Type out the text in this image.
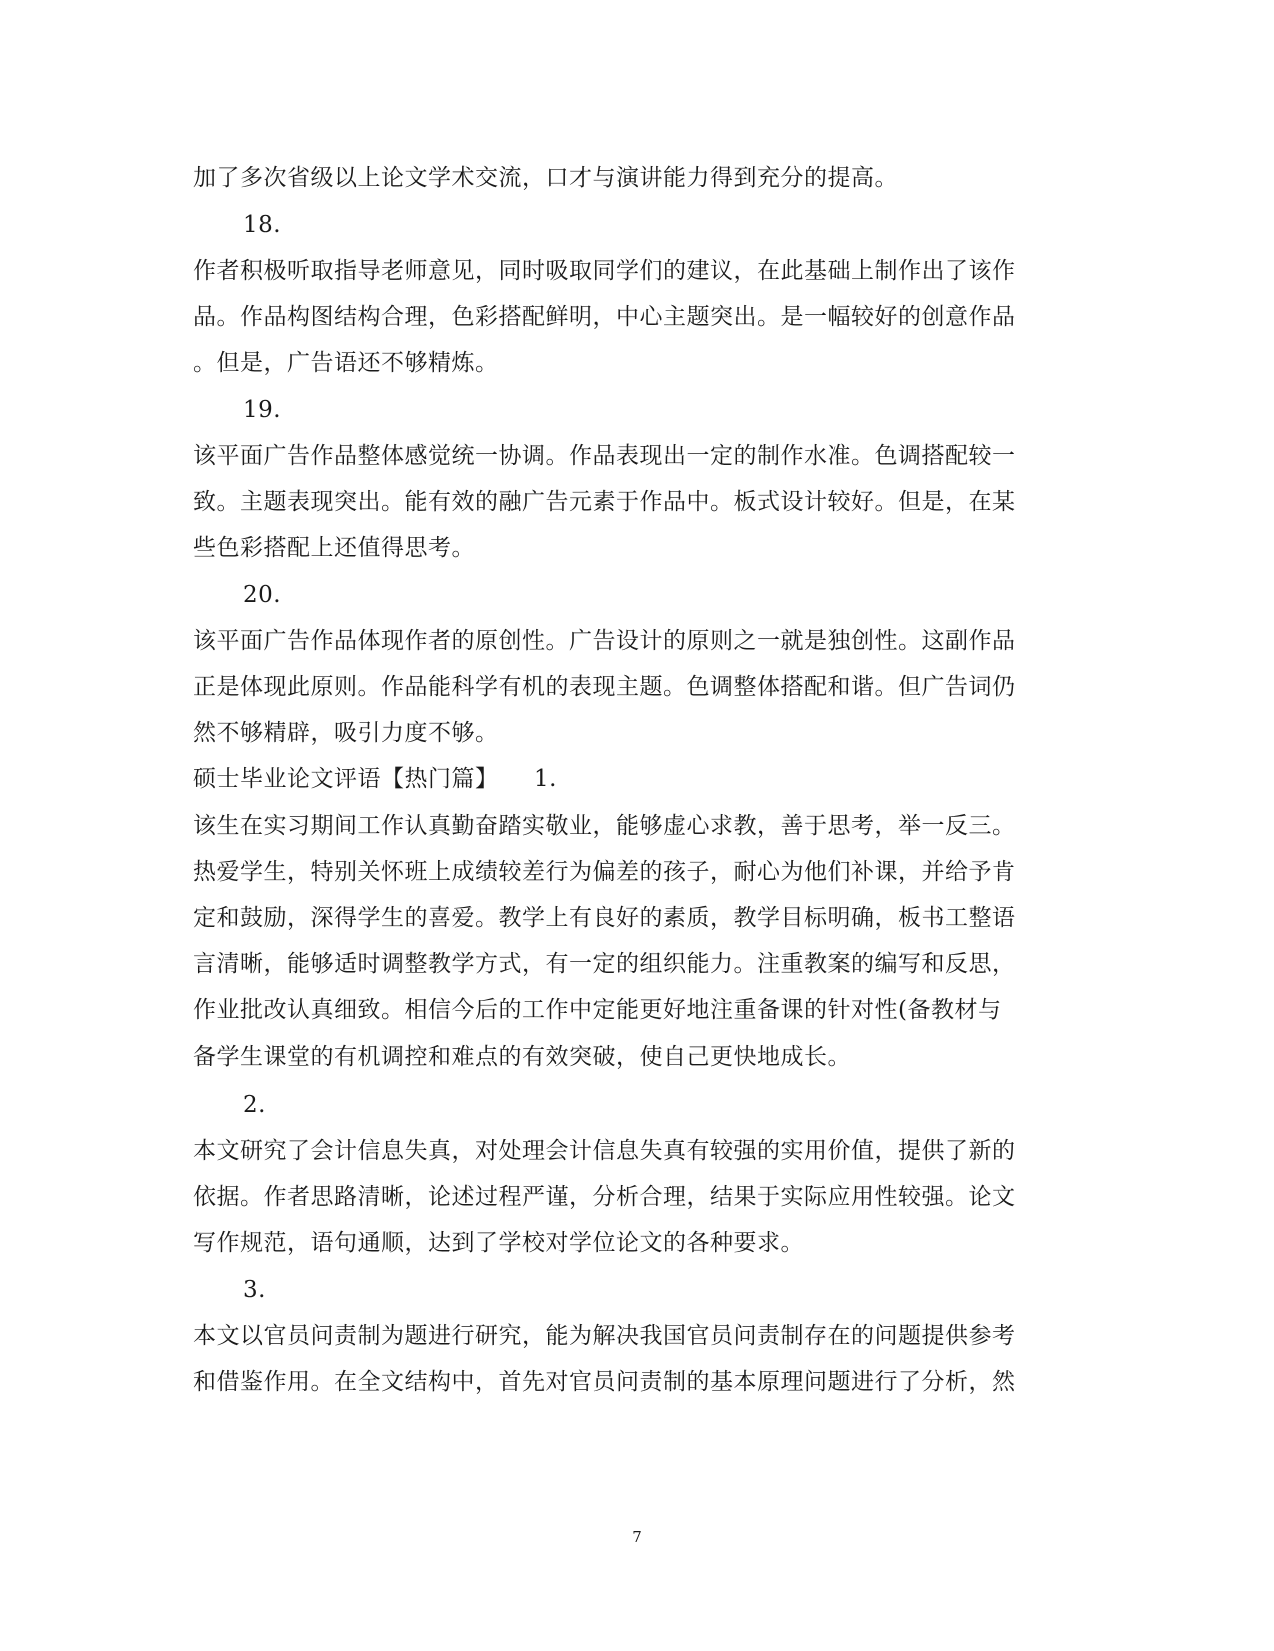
加了多次省级以上论文学术交流，口才与演讲能力得到充分的提高。
18.
作者积极听取指导老师意见，同时吸取同学们的建议，在此基础上制作出了该作
品。作品构图结构合理，色彩搭配鲜明，中心主题突出。是一幅较好的创意作品
。但是，广告语还不够精炼。
19.
该平面广告作品整体感觉统一协调。作品表现出一定的制作水准。色调搭配较一
致。主题表现突出。能有效的融广告元素于作品中。板式设计较好。但是，在某
些色彩搭配上还值得思考。
20.
该平面广告作品体现作者的原创性。广告设计的原则之一就是独创性。这副作品
正是体现此原则。作品能科学有机的表现主题。色调整体搭配和谐。但广告词仍
然不够精辟，吸引力度不够。
硕士毕业论文评语【热门篇】　　1.
该生在实习期间工作认真勤奋踏实敬业，能够虚心求教，善于思考，举一反三。
热爱学生，特别关怀班上成绩较差行为偏差的孩子，耐心为他们补课，并给予肯
定和鼓励，深得学生的喜爱。教学上有良好的素质，教学目标明确，板书工整语
言清晰，能够适时调整教学方式，有一定的组织能力。注重教案的编写和反思，
作业批改认真细致。相信今后的工作中定能更好地注重备课的针对性(备教材与
备学生课堂的有机调控和难点的有效突破，使自己更快地成长。
2.
本文研究了会计信息失真，对处理会计信息失真有较强的实用价值，提供了新的
依据。作者思路清晰，论述过程严谨，分析合理，结果于实际应用性较强。论文
写作规范，语句通顺，达到了学校对学位论文的各种要求。
3.
本文以官员问责制为题进行研究，能为解决我国官员问责制存在的问题提供参考
和借鉴作用。在全文结构中，首先对官员问责制的基本原理问题进行了分析，然
7
